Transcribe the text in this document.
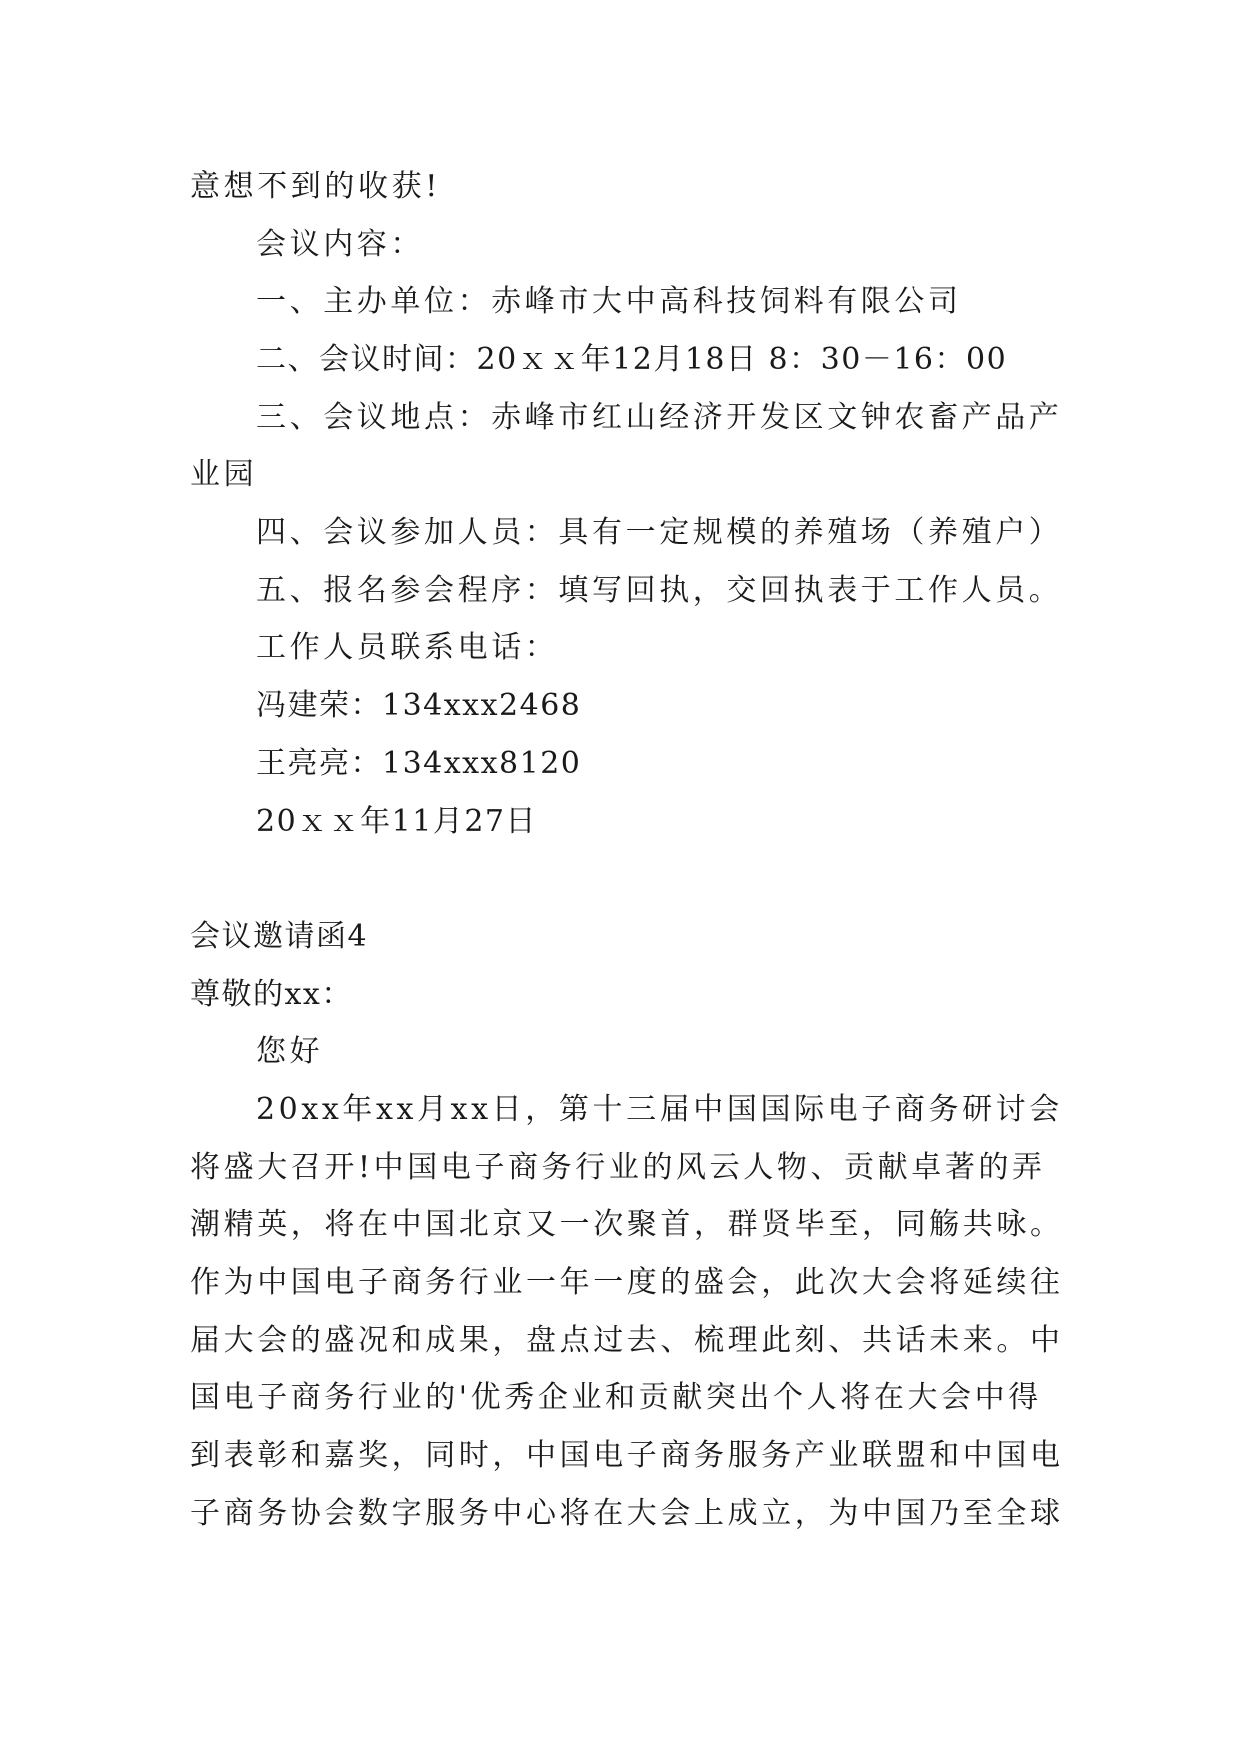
意想不到的收获!
会议内容：
一、主办单位：赤峰市大中高科技饲料有限公司
二、会议时间：20ｘｘ年12月18日 8：30－16：00
三、会议地点：赤峰市红山经济开发区文钟农畜产品产
业园
四、会议参加人员：具有一定规模的养殖场（养殖户）
五、报名参会程序：填写回执，交回执表于工作人员。
工作人员联系电话：
冯建荣：134xxx2468
王亮亮：134xxx8120
20ｘｘ年11月27日
会议邀请函4
尊敬的xx：
您好
20xx年xx月xx日，第十三届中国国际电子商务研讨会
将盛大召开!中国电子商务行业的风云人物、贡献卓著的弄
潮精英，将在中国北京又一次聚首，群贤毕至，同觞共咏。
作为中国电子商务行业一年一度的盛会，此次大会将延续往
届大会的盛况和成果，盘点过去、梳理此刻、共话未来。中
国电子商务行业的'优秀企业和贡献突出个人将在大会中得
到表彰和嘉奖，同时，中国电子商务服务产业联盟和中国电
子商务协会数字服务中心将在大会上成立，为中国乃至全球
